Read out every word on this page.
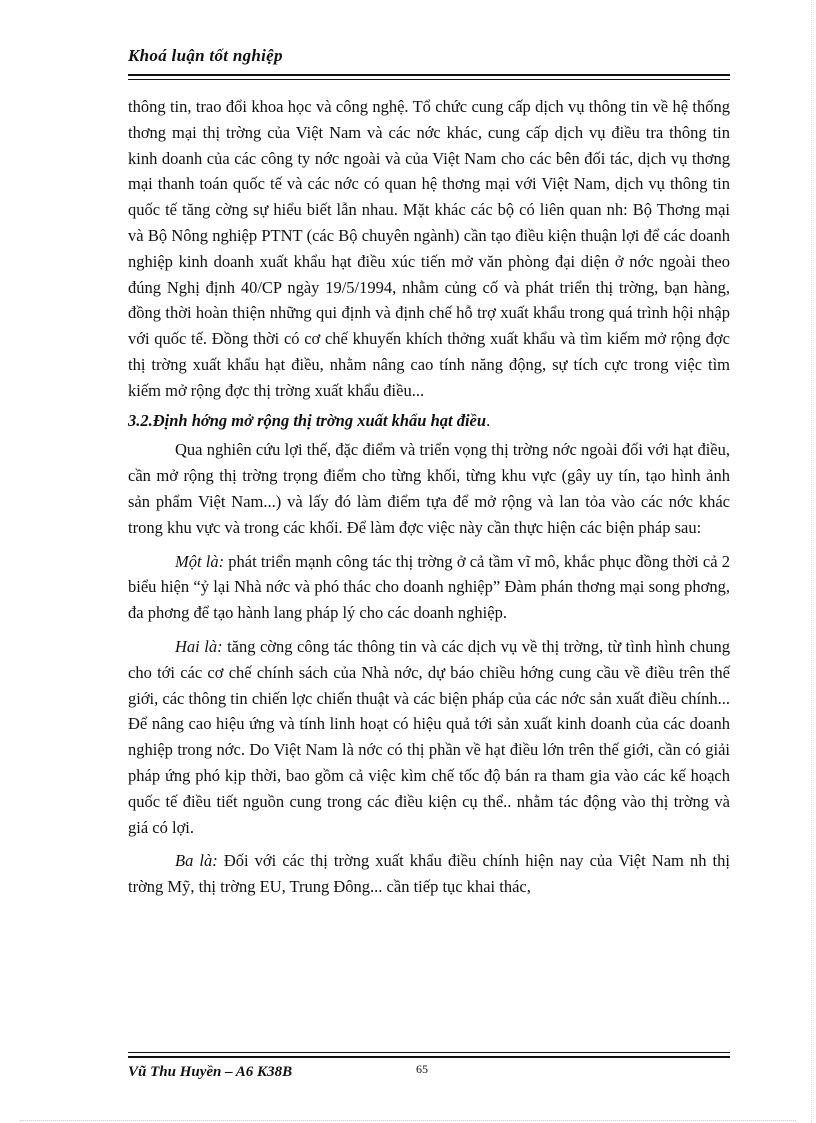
Khoá luận tốt nghiệp

thông tin, trao đổi khoa học và công nghệ. Tổ chức cung cấp dịch vụ thông tin về hệ thống thơng mại thị trờng của Việt Nam và các nớc khác, cung cấp dịch vụ điều tra thông tin kinh doanh của các công ty nớc ngoài và của Việt Nam cho các bên đối tác, dịch vụ thơng mại thanh toán quốc tế và các nớc có quan hệ thơng mại với Việt Nam, dịch vụ thông tin quốc tế tăng cờng sự hiểu biết lẫn nhau. Mặt khác các bộ có liên quan nh: Bộ Thơng mại và Bộ Nông nghiệp PTNT (các Bộ chuyên ngành) cần tạo điều kiện thuận lợi để các doanh nghiệp kinh doanh xuất khẩu hạt điều xúc tiến mở văn phòng đại diện ở nớc ngoài theo đúng Nghị định 40/CP ngày 19/5/1994, nhằm củng cố và phát triển thị trờng, bạn hàng, đồng thời hoàn thiện những qui định và định chế hỗ trợ xuất khẩu trong quá trình hội nhập với quốc tế. Đồng thời có cơ chế khuyến khích thởng xuất khẩu và tìm kiếm mở rộng đợc thị trờng xuất khẩu hạt điều, nhằm nâng cao tính năng động, sự tích cực trong việc tìm kiếm mở rộng đợc thị trờng xuất khẩu điều...

3.2.Định hớng mở rộng thị trờng xuất khẩu hạt điều.

Qua nghiên cứu lợi thế, đặc điểm và triển vọng thị trờng nớc ngoài đối với hạt điều, cần mở rộng thị trờng trọng điểm cho từng khối, từng khu vực (gây uy tín, tạo hình ảnh sản phẩm Việt Nam...) và lấy đó làm điểm tựa để mở rộng và lan tỏa vào các nớc khác trong khu vực và trong các khối. Để làm đợc việc này cần thực hiện các biện pháp sau:

Một là: phát triển mạnh công tác thị trờng ở cả tầm vĩ mô, khắc phục đồng thời cả 2 biểu hiện “ỷ lại Nhà nớc và phó thác cho doanh nghiệp” Đàm phán thơng mại song phơng, đa phơng để tạo hành lang pháp lý cho các doanh nghiệp.

Hai là: tăng cờng công tác thông tin và các dịch vụ về thị trờng, từ tình hình chung cho tới các cơ chế chính sách của Nhà nớc, dự báo chiều hớng cung cầu về điều trên thế giới, các thông tin chiến lợc chiến thuật và các biện pháp của các nớc sản xuất điều chính... Để nâng cao hiệu ứng và tính linh hoạt có hiệu quả tới sản xuất kinh doanh của các doanh nghiệp trong nớc. Do Việt Nam là nớc có thị phần về hạt điều lớn trên thế giới, cần có giải pháp ứng phó kịp thời, bao gồm cả việc kìm chế tốc độ bán ra tham gia vào các kế hoạch quốc tế điều tiết nguồn cung trong các điều kiện cụ thể.. nhằm tác động vào thị trờng và giá có lợi.

Ba là: Đối với các thị trờng xuất khẩu điều chính hiện nay của Việt Nam nh thị trờng Mỹ, thị trờng EU, Trung Đông... cần tiếp tục khai thác,

Vũ Thu Huyền – A6 K38B	65
